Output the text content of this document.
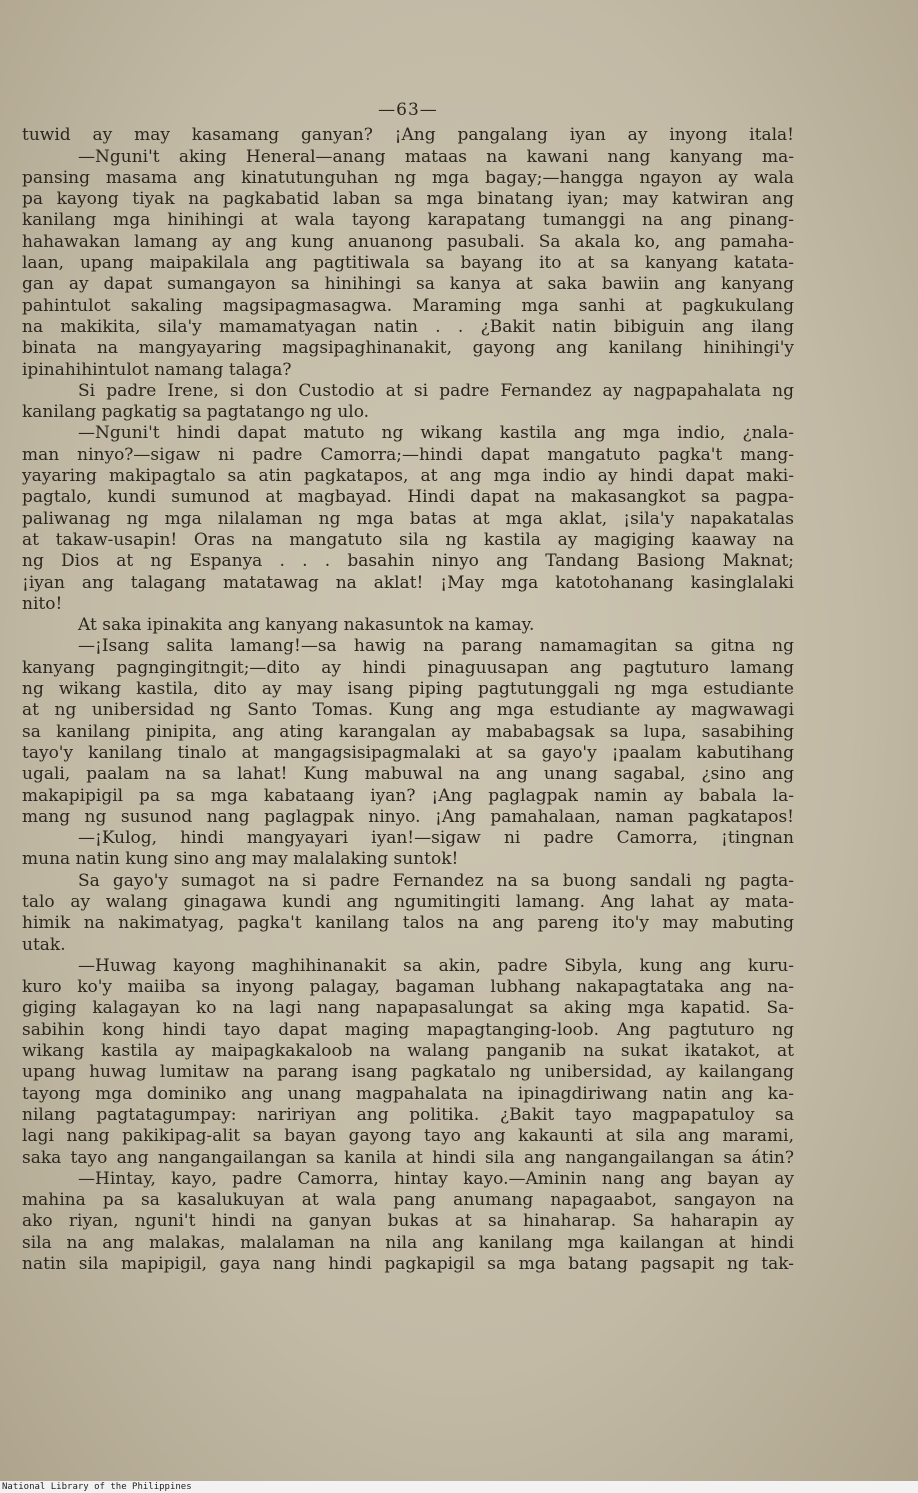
—63—
tuwid ay may kasamang ganyan? ¡Ang pangalang iyan ay inyong itala!
—Nguni't aking Heneral—anang mataas na kawani nang kanyang ma-
pansing masama ang kinatutunguhan ng mga bagay;—hangga ngayon ay wala
pa kayong tiyak na pagkabatid laban sa mga binatang iyan; may katwiran ang
kanilang mga hinihingi at wala tayong karapatang tumanggi na ang pinang-
hahawakan lamang ay ang kung anuanong pasubali. Sa akala ko, ang pamaha-
laan, upang maipakilala ang pagtitiwala sa bayang ito at sa kanyang katata-
gan ay dapat sumangayon sa hinihingi sa kanya at saka bawiin ang kanyang
pahintulot sakaling magsipagmasagwa. Maraming mga sanhi at pagkukulang
na makikita, sila'y mamamatyagan natin . . ¿Bakit natin bibiguin ang ilang
binata na mangyayaring magsipaghinanakit, gayong ang kanilang hinihingi'y
ipinahihintulot namang talaga?
Si padre Irene, si don Custodio at si padre Fernandez ay nagpapahalata ng
kanilang pagkatig sa pagtatango ng ulo.
—Nguni't hindi dapat matuto ng wikang kastila ang mga indio, ¿nala-
man ninyo?—sigaw ni padre Camorra;—hindi dapat mangatuto pagka't mang-
yayaring makipagtalo sa atin pagkatapos, at ang mga indio ay hindi dapat maki-
pagtalo, kundi sumunod at magbayad. Hindi dapat na makasangkot sa pagpa-
paliwanag ng mga nilalaman ng mga batas at mga aklat, ¡sila'y napakatalas
at takaw-usapin! Oras na mangatuto sila ng kastila ay magiging kaaway na
ng Dios at ng Espanya . . . basahin ninyo ang Tandang Basiong Maknat;
¡iyan ang talagang matatawag na aklat! ¡May mga katotohanang kasinglalaki
nito!
At saka ipinakita ang kanyang nakasuntok na kamay.
—¡Isang salita lamang!—sa hawig na parang namamagitan sa gitna ng
kanyang pagngingitngit;—dito ay hindi pinaguusapan ang pagtuturo lamang
ng wikang kastila, dito ay may isang piping pagtutunggali ng mga estudiante
at ng unibersidad ng Santo Tomas. Kung ang mga estudiante ay magwawagi
sa kanilang pinipita, ang ating karangalan ay mababagsak sa lupa, sasabihing
tayo'y kanilang tinalo at mangagsisipagmalaki at sa gayo'y ¡paalam kabutihang
ugali, paalam na sa lahat! Kung mabuwal na ang unang sagabal, ¿sino ang
makapipigil pa sa mga kabataang iyan? ¡Ang paglagpak namin ay babala la-
mang ng susunod nang paglagpak ninyo. ¡Ang pamahalaan, naman pagkatapos!
—¡Kulog, hindi mangyayari iyan!—sigaw ni padre Camorra, ¡tingnan
muna natin kung sino ang may malalaking suntok!
Sa gayo'y sumagot na si padre Fernandez na sa buong sandali ng pagta-
talo ay walang ginagawa kundi ang ngumitingiti lamang. Ang lahat ay mata-
himik na nakimatyag, pagka't kanilang talos na ang pareng ito'y may mabuting
utak.
—Huwag kayong maghihinanakit sa akin, padre Sibyla, kung ang kuru-
kuro ko'y maiiba sa inyong palagay, bagaman lubhang nakapagtataka ang na-
giging kalagayan ko na lagi nang napapasalungat sa aking mga kapatid. Sa-
sabihin kong hindi tayo dapat maging mapagtanging-loob. Ang pagtuturo ng
wikang kastila ay maipagkakaloob na walang panganib na sukat ikatakot, at
upang huwag lumitaw na parang isang pagkatalo ng unibersidad, ay kailangang
tayong mga dominiko ang unang magpahalata na ipinagdiriwang natin ang ka-
nilang pagtatagumpay: naririyan ang politika. ¿Bakit tayo magpapatuloy sa
lagi nang pakikipag-alit sa bayan gayong tayo ang kakaunti at sila ang marami,
saka tayo ang nangangailangan sa kanila at hindi sila ang nangangailangan sa átin?
—Hintay, kayo, padre Camorra, hintay kayo.—Aminin nang ang bayan ay
mahina pa sa kasalukuyan at wala pang anumang napagaabot, sangayon na
ako riyan, nguni't hindi na ganyan bukas at sa hinaharap. Sa haharapin ay
sila na ang malakas, malalaman na nila ang kanilang mga kailangan at hindi
natin sila mapipigil, gaya nang hindi pagkapigil sa mga batang pagsapit ng tak-
National Library of the Philippines
